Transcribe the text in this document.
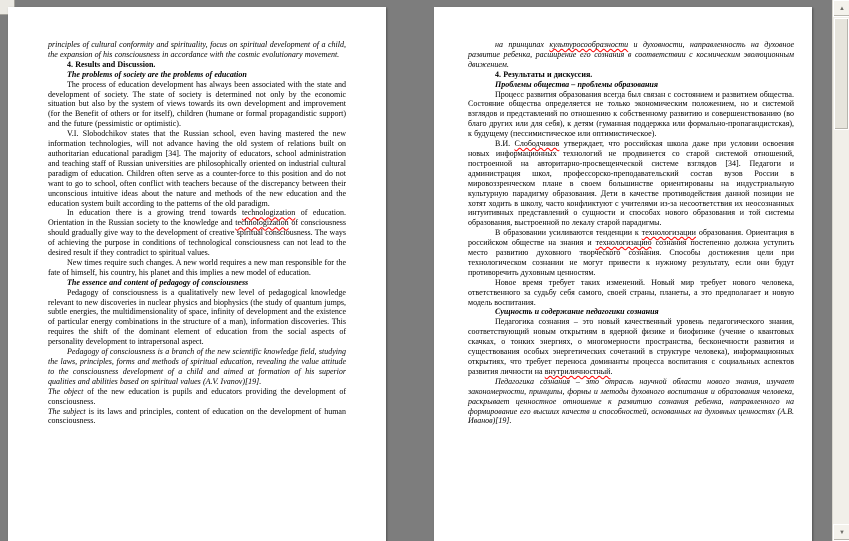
principles of cultural conformity and spirituality, focus on spiritual development of a child, the expansion of his consciousness in accordance with the cosmic evolutionary movement.

4. Results and Discussion.

The problems of society are the problems of education

The process of education development has always been associated with the state and development of society. The state of society is determined not only by the economic situation but also by the system of views towards its own development and improvement (for the Benefit of others or for itself), children (humane or formal propagandistic support) and the future (pessimistic or optimistic).

V.I. Slobodchikov states that the Russian school, even having mastered the new information technologies, will not advance having the old system of relations built on authoritarian educational paradigm [34]. The majority of educators, school administration and teaching staff of Russian universities are philosophically oriented on industrial cultural paradigm of education. Children often serve as a counter-force to this position and do not want to go to school, often conflict with teachers because of the discrepancy between their unconscious intuitive ideas about the nature and methods of the new education and the education system built according to the patterns of the old paradigm.

In education there is a growing trend towards technologization of education. Orientation in the Russian society to the knowledge and technologization of consciousness should gradually give way to the development of creative spiritual consciousness. The ways of achieving the purpose in conditions of technological consciousness can not lead to the desired result if they contradict to spiritual values.

New times require such changes. A new world requires a new man responsible for the fate of himself, his country, his planet and this implies a new model of education.

The essence and content of pedagogy of consciousness

Pedagogy of consciousness is a qualitatively new level of pedagogical knowledge relevant to new discoveries in nuclear physics and biophysics (the study of quantum jumps, subtle energies, the multidimensionality of space, infinity of development and the existence of particular energy combinations in the structure of a man), information discoveries. This requires the shift of the dominant element of education from the social aspects of personality development to intrapersonal aspect.

Pedagogy of consciousness is a branch of the new scientific knowledge field, studying the laws, principles, forms and methods of spiritual education, revealing the value attitude to the consciousness development of a child and aimed at formation of his superior qualities and abilities based on spiritual values (A.V. Ivanov)[19].

The object of the new education is pupils and educators providing the development of consciousness.

The subject is its laws and principles, content of education on the development of human consciousness.

на принципах культуросообразности и духовности, направленность на духовное развитие ребенка, расширение его сознания в соответствии с космическим эволюционным движением.

4. Результаты и дискуссия.

Проблемы общества – проблемы образования

Процесс развития образования всегда был связан с состоянием и развитием общества. Состояние общества определяется не только экономическим положением, но и системой взглядов и представлений по отношению к собственному развитию и совершенствованию (во благо других или для себя), к детям (гуманная поддержка или формально-пропагандистская), к будущему (пессимистическое или оптимистическое).

В.И. Слободчиков утверждает, что российская школа даже при условии освоения новых информационных технологий не продвинется со старой системой отношений, построенной на авторитарно-просвещенческой системе взглядов [34]. Педагоги и администрация школ, профессорско-преподавательский состав вузов России в мировоззренческом плане в своем большинстве ориентированы на индустриальную культурную парадигму образования. Дети в качестве противодействия данной позиции не хотят ходить в школу, часто конфликтуют с учителями из-за несоответствия их неосознанных интуитивных представлений о сущности и способах нового образования и той системы образования, выстроенной по лекалу старой парадигмы.

В образовании усиливаются тенденции к технологизации образования. Ориентация в российском обществе на знания и технологизацию сознания постепенно должна уступить место развитию духовного творческого сознания. Способы достижения цели при технологическом сознании не могут привести к нужному результату, если они будут противоречить духовным ценностям.

Новое время требует таких изменений. Новый мир требует нового человека, ответственного за судьбу себя самого, своей страны, планеты, а это предполагает и новую модель воспитания.

Сущность и содержание педагогики сознания

Педагогика сознания – это новый качественный уровень педагогического знания, соответствующий новым открытиям в ядерной физике и биофизике (учение о квантовых скачках, о тонких энергиях, о многомерности пространства, бесконечности развития и существования особых энергетических сочетаний в структуре человека), информационных открытиях, что требует переноса доминанты процесса воспитания с социальных аспектов развития личности на внутриличностный.

Педагогика сознания – это отрасль научной области нового знания, изучает закономерности, принципы, формы и методы духовного воспитания и образования человека, раскрывает ценностное отношение к развитию сознания ребенка, направленного на формирование его высших качеств и способностей, основанных на духовных ценностях (А.В. Иванов)[19].

▲
▼
